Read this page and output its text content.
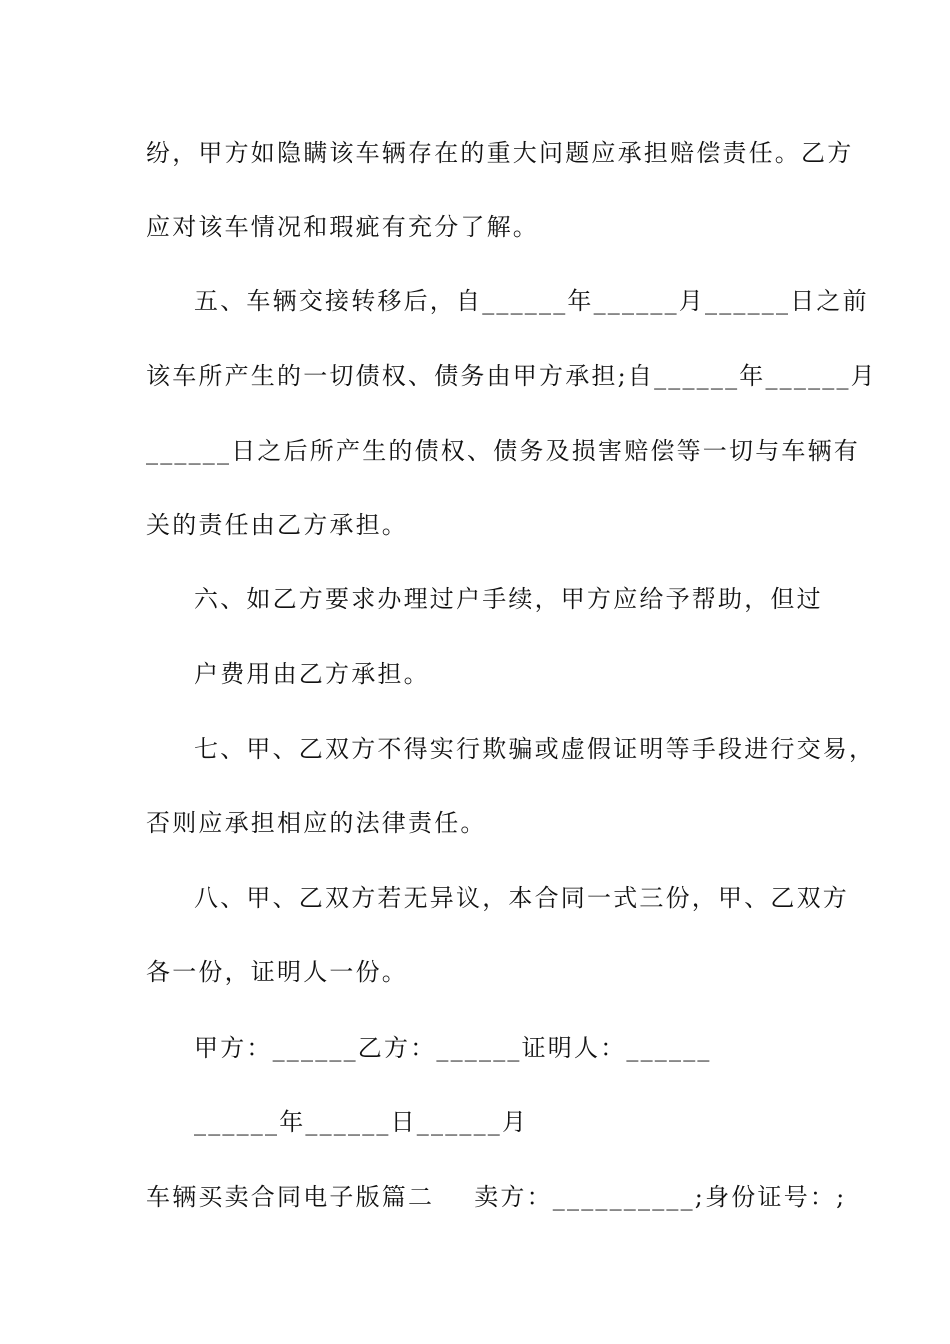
纷，甲方如隐瞒该车辆存在的重大问题应承担赔偿责任。乙方
应对该车情况和瑕疵有充分了解。
五、车辆交接转移后，自______年______月______日之前
该车所产生的一切债权、债务由甲方承担;自______年______月
______日之后所产生的债权、债务及损害赔偿等一切与车辆有
关的责任由乙方承担。
六、如乙方要求办理过户手续，甲方应给予帮助，但过
户费用由乙方承担。
七、甲、乙双方不得实行欺骗或虚假证明等手段进行交易，
否则应承担相应的法律责任。
八、甲、乙双方若无异议，本合同一式三份，甲、乙双方
各一份，证明人一份。
甲方：______乙方：______证明人：______
______年______日______月
车辆买卖合同电子版篇二 卖方：__________;身份证号：;
